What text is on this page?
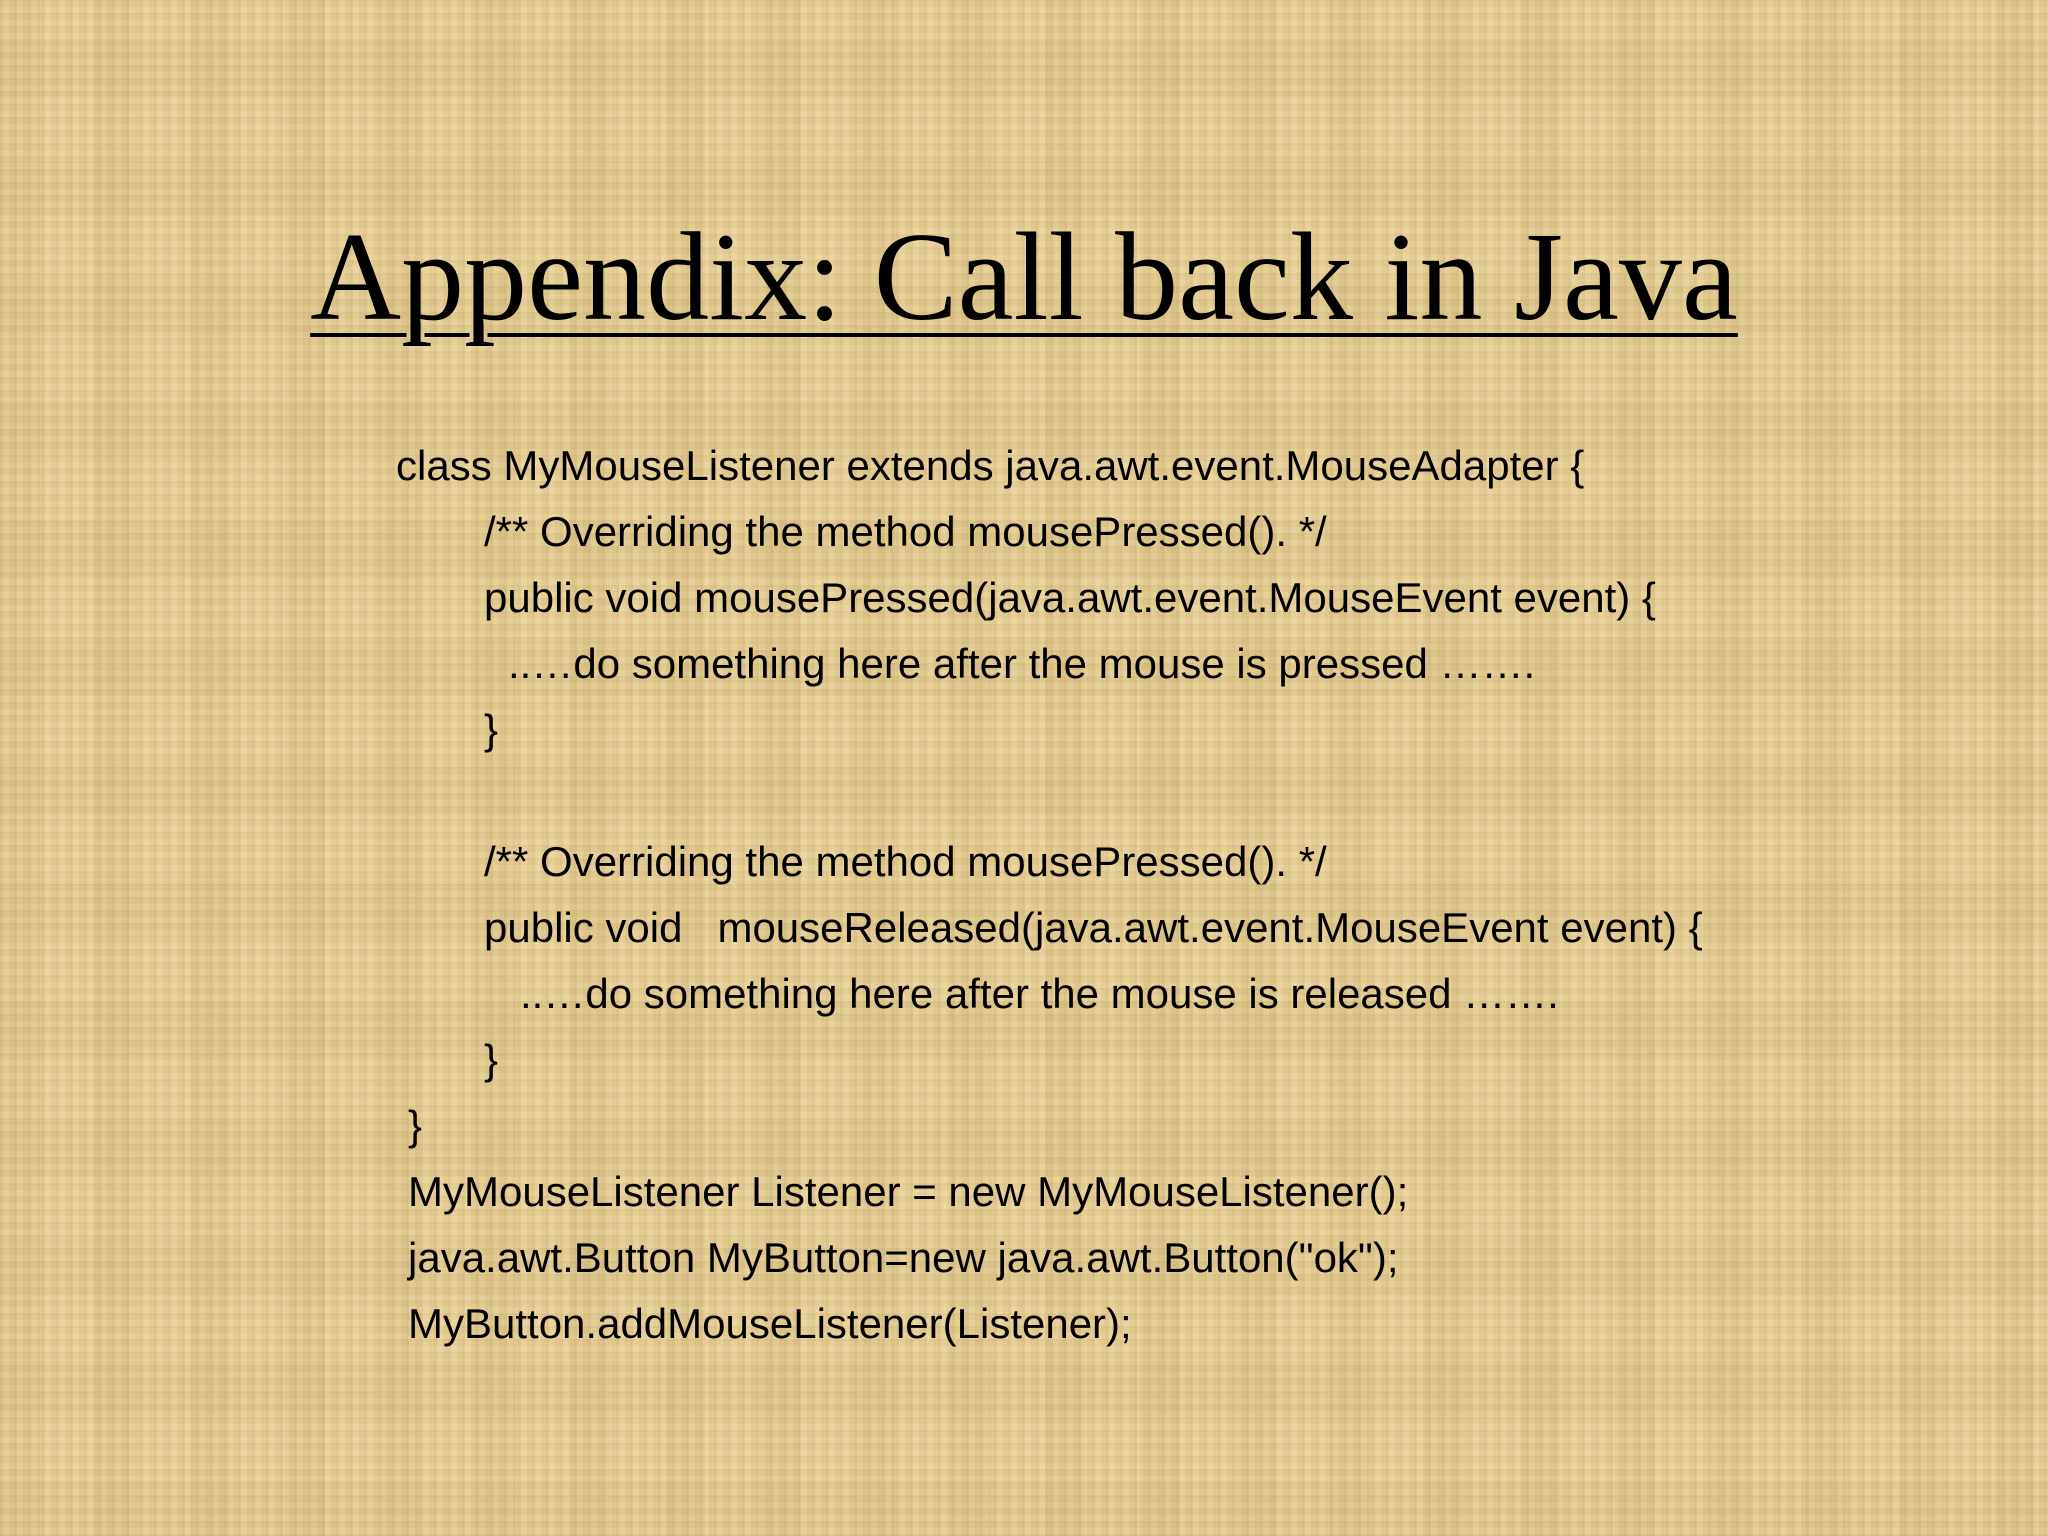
Appendix: Call back in Java
class MyMouseListener extends java.awt.event.MouseAdapter {
/** Overriding the method mousePressed(). */
public void mousePressed(java.awt.event.MouseEvent event) {
..…do something here after the mouse is pressed …….
}
/** Overriding the method mousePressed(). */
public void   mouseReleased(java.awt.event.MouseEvent event) {
..…do something here after the mouse is released …….
}
}
MyMouseListener Listener = new MyMouseListener();
java.awt.Button MyButton=new java.awt.Button("ok");
MyButton.addMouseListener(Listener);
